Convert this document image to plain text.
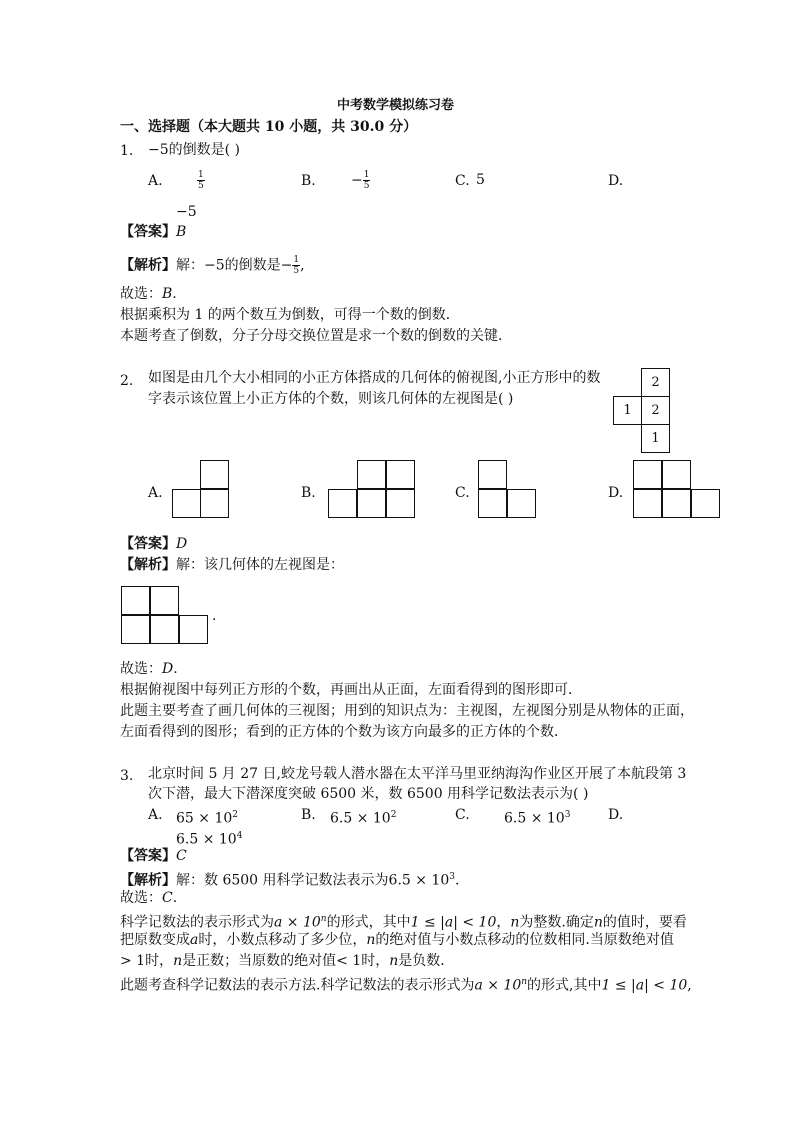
中考数学模拟练习卷
一、选择题（本大题共 10 小题，共 30.0 分）
1. −5的倒数是( )
A.	$\frac{1}{5}$	B.	− $\frac{1}{5}$	C. 5	D.
−5
【答案】B
【解析】解：−5的倒数是− $\frac{1}{5}$ ,
故选：B.
根据乘积为 1 的两个数互为倒数，可得一个数的倒数．
本题考查了倒数，分子分母交换位置是求一个数的倒数的关键．
2. 如图是由几个大小相同的小正方体搭成的几何体的俯视图,小正方形中的数
字表示该位置上小正方体的个数，则该几何体的左视图是( )
2
1	2
1
A.	B.	C.	D.
【答案】D
【解析】解：该几何体的左视图是：
.
故选：D.
根据俯视图中每列正方形的个数，再画出从正面，左面看得到的图形即可．
此题主要考查了画几何体的三视图；用到的知识点为：主视图，左视图分别是从物体的正面，
左面看得到的图形；看到的正方体的个数为该方向最多的正方体的个数．
3. 北京时间 5 月 27 日,蛟龙号载人潜水器在太平洋马里亚纳海沟作业区开展了本航段第 3
次下潜，最大下潜深度突破 6500 米，数 6500 用科学记数法表示为( )
A. $65 \times 10^2$	B. $6.5 \times 10^2$	C. $6.5 \times 10^3$	D.
$6.5 \times 10^4$
【答案】C
【解析】解：数 6500 用科学记数法表示为$6.5 \times 10^3$.
故选：C.
科学记数法的表示形式为$a \times 10^n$的形式，其中1 ≤ |a| < 10，n为整数.确定n的值时，要看
把原数变成a时，小数点移动了多少位，n的绝对值与小数点移动的位数相同.当原数绝对值
> 1时，n是正数；当原数的绝对值< 1时，n是负数．
此题考查科学记数法的表示方法.科学记数法的表示形式为$a \times 10^n$的形式,其中1 ≤ |a| < 10,
